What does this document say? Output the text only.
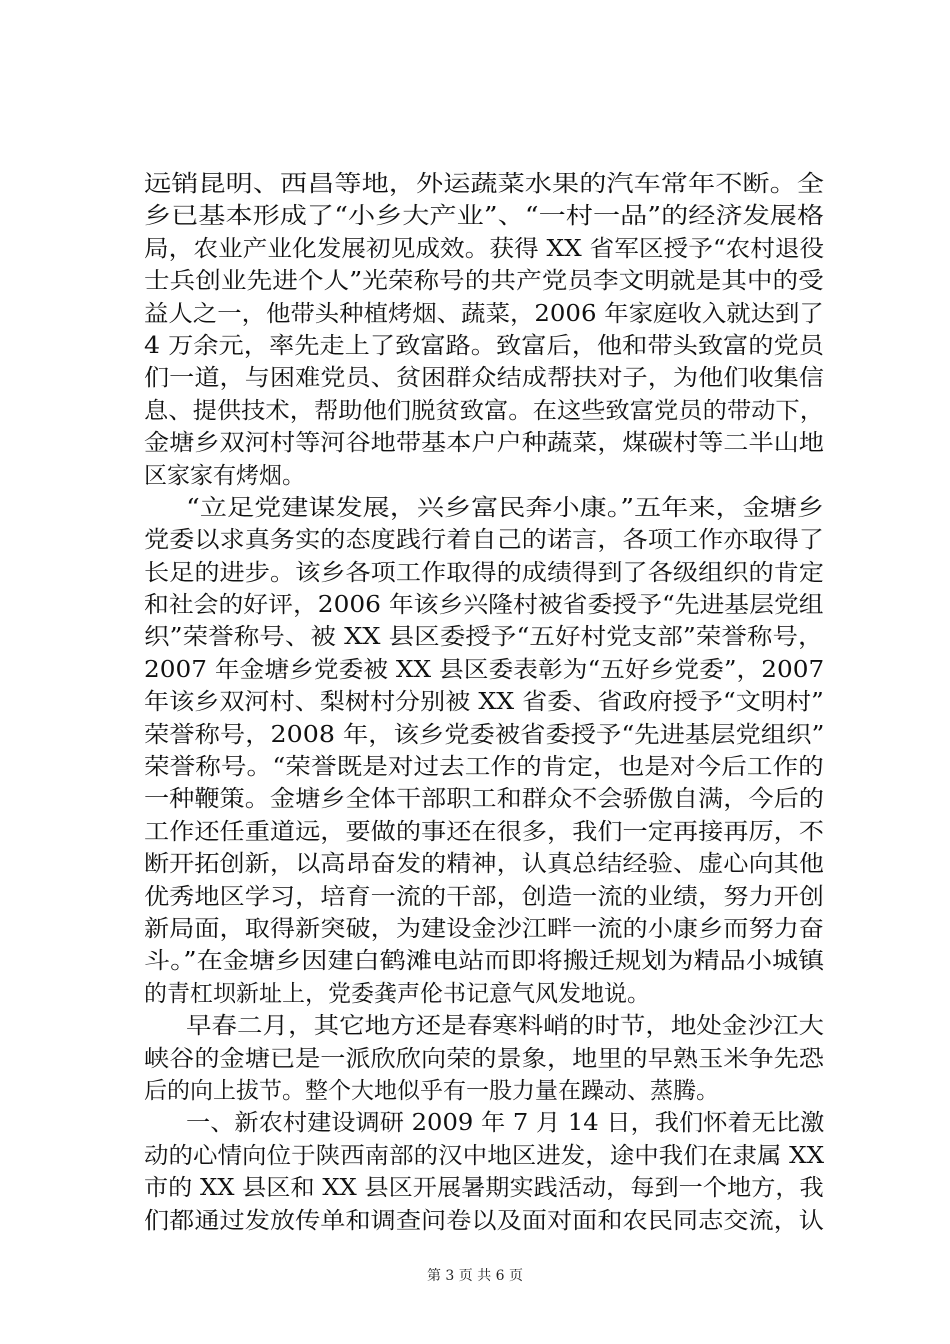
远销昆明、西昌等地，外运蔬菜水果的汽车常年不断。全
乡已基本形成了“小乡大产业”、“一村一品”的经济发展格
局，农业产业化发展初见成效。获得 XX 省军区授予“农村退役
士兵创业先进个人”光荣称号的共产党员李文明就是其中的受
益人之一，他带头种植烤烟、蔬菜，2006 年家庭收入就达到了
4 万余元，率先走上了致富路。致富后，他和带头致富的党员
们一道，与困难党员、贫困群众结成帮扶对子，为他们收集信
息、提供技术，帮助他们脱贫致富。在这些致富党员的带动下，
金塘乡双河村等河谷地带基本户户种蔬菜，煤碳村等二半山地
区家家有烤烟。
“立足党建谋发展，兴乡富民奔小康。”五年来，金塘乡
党委以求真务实的态度践行着自己的诺言，各项工作亦取得了
长足的进步。该乡各项工作取得的成绩得到了各级组织的肯定
和社会的好评，2006 年该乡兴隆村被省委授予“先进基层党组
织”荣誉称号、被 XX 县区委授予“五好村党支部”荣誉称号，
2007 年金塘乡党委被 XX 县区委表彰为“五好乡党委”，2007
年该乡双河村、梨树村分别被 XX 省委、省政府授予“文明村”
荣誉称号，2008 年，该乡党委被省委授予“先进基层党组织”
荣誉称号。“荣誉既是对过去工作的肯定，也是对今后工作的
一种鞭策。金塘乡全体干部职工和群众不会骄傲自满，今后的
工作还任重道远，要做的事还在很多，我们一定再接再厉，不
断开拓创新，以高昂奋发的精神，认真总结经验、虚心向其他
优秀地区学习，培育一流的干部，创造一流的业绩，努力开创
新局面，取得新突破，为建设金沙江畔一流的小康乡而努力奋
斗。”在金塘乡因建白鹤滩电站而即将搬迁规划为精品小城镇
的青杠坝新址上，党委龚声伦书记意气风发地说。
早春二月，其它地方还是春寒料峭的时节，地处金沙江大
峡谷的金塘已是一派欣欣向荣的景象，地里的早熟玉米争先恐
后的向上拔节。整个大地似乎有一股力量在躁动、蒸腾。
一、新农村建设调研 2009 年 7 月 14 日，我们怀着无比激
动的心情向位于陕西南部的汉中地区进发，途中我们在隶属 XX
市的 XX 县区和 XX 县区开展暑期实践活动，每到一个地方，我
们都通过发放传单和调查问卷以及面对面和农民同志交流，认
第 3 页 共 6 页
